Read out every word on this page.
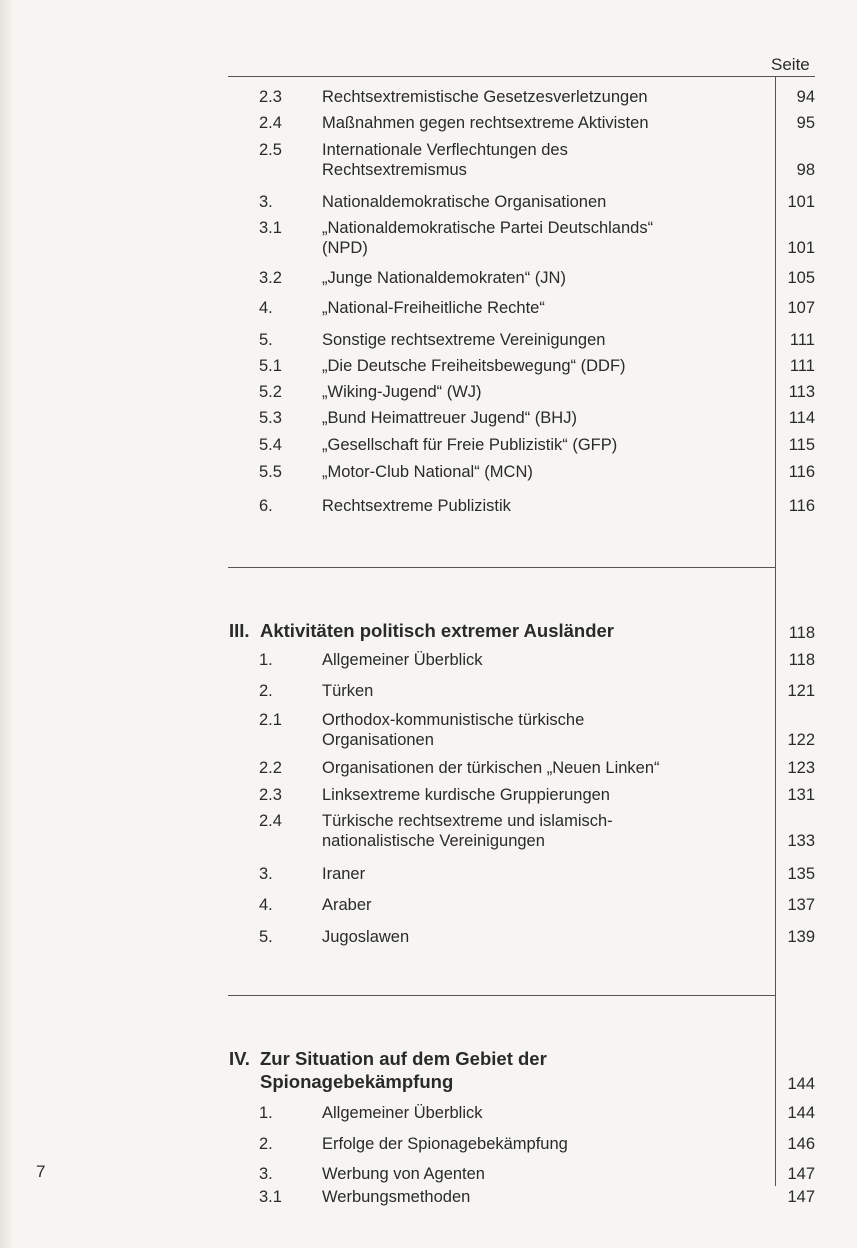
Seite
2.3 Rechtsextremistische Gesetzesverletzungen	94
2.4 Maßnahmen gegen rechtsextreme Aktivisten	95
2.5 Internationale Verflechtungen des
Rechtsextremismus	98
3.	Nationaldemokratische Organisationen	101
3.1 „Nationaldemokratische Partei Deutschlands“
(NPD)	101
3.2 „Junge Nationaldemokraten“ (JN)	105
4.	„National-Freiheitliche Rechte“	107
5.	Sonstige rechtsextreme Vereinigungen	111
5.1 „Die Deutsche Freiheitsbewegung“ (DDF)	111
5.2 „Wiking-Jugend“ (WJ)	113
5.3 „Bund Heimattreuer Jugend“ (BHJ)	114
5.4 „Gesellschaft für Freie Publizistik“ (GFP)	115
5.5 „Motor-Club National“ (MCN)	116
6.	Rechtsextreme Publizistik	116
III. Aktivitäten politisch extremer Ausländer	118
1.	Allgemeiner Überblick	118
2.	Türken	121
2.1 Orthodox-kommunistische türkische
Organisationen	122
2.2 Organisationen der türkischen „Neuen Linken“	123
2.3 Linksextreme kurdische Gruppierungen	131
2.4 Türkische rechtsextreme und islamisch-
nationalistische Vereinigungen	133
3.	Iraner	135
4.	Araber	137
5.	Jugoslawen	139
IV. Zur Situation auf dem Gebiet der
Spionagebekämpfung	144
1.	Allgemeiner Überblick	144
2.	Erfolge der Spionagebekämpfung	146
3.	Werbung von Agenten	147
3.1 Werbungsmethoden	147
7
